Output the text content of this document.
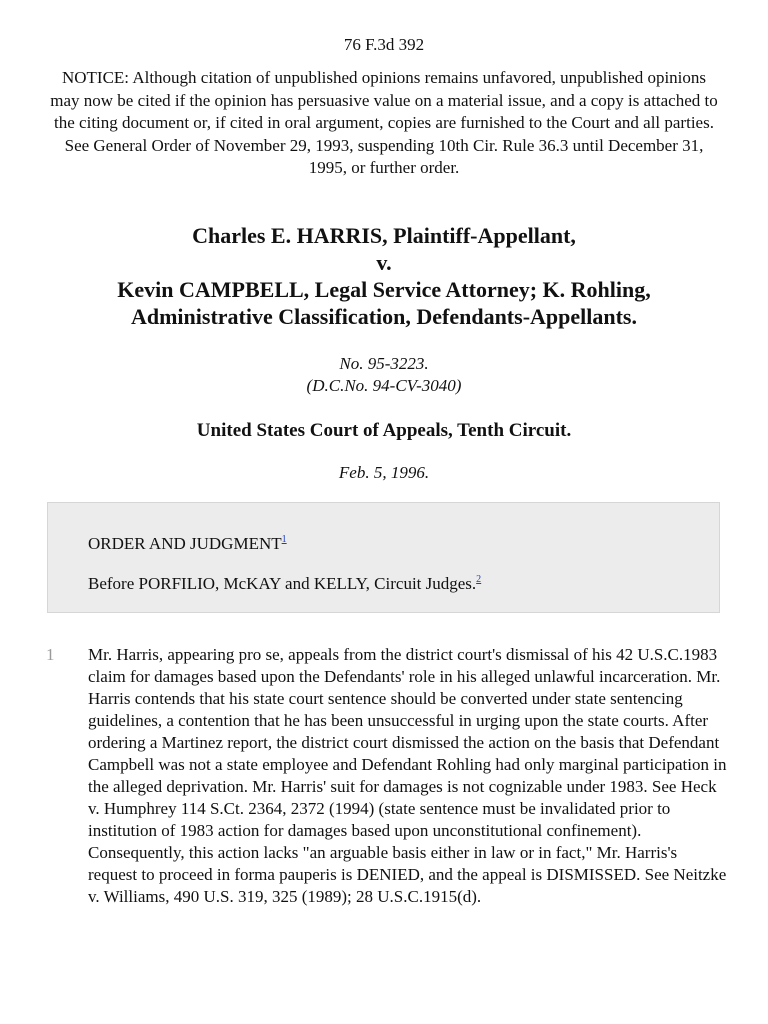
76 F.3d 392
NOTICE: Although citation of unpublished opinions remains unfavored, unpublished opinions may now be cited if the opinion has persuasive value on a material issue, and a copy is attached to the citing document or, if cited in oral argument, copies are furnished to the Court and all parties. See General Order of November 29, 1993, suspending 10th Cir. Rule 36.3 until December 31, 1995, or further order.
Charles E. HARRIS, Plaintiff-Appellant,
v.
Kevin CAMPBELL, Legal Service Attorney; K. Rohling,
Administrative Classification, Defendants-Appellants.
No. 95-3223.
(D.C.No. 94-CV-3040)
United States Court of Appeals, Tenth Circuit.
Feb. 5, 1996.
ORDER AND JUDGMENT$^1$
Before PORFILIO, McKAY and KELLY, Circuit Judges.$^2$
1 Mr. Harris, appearing pro se, appeals from the district court's dismissal of his 42 U.S.C.1983 claim for damages based upon the Defendants' role in his alleged unlawful incarceration. Mr. Harris contends that his state court sentence should be converted under state sentencing guidelines, a contention that he has been unsuccessful in urging upon the state courts. After ordering a Martinez report, the district court dismissed the action on the basis that Defendant Campbell was not a state employee and Defendant Rohling had only marginal participation in the alleged deprivation. Mr. Harris' suit for damages is not cognizable under 1983. See Heck v. Humphrey 114 S.Ct. 2364, 2372 (1994) (state sentence must be invalidated prior to institution of 1983 action for damages based upon unconstitutional confinement). Consequently, this action lacks "an arguable basis either in law or in fact," Mr. Harris's request to proceed in forma pauperis is DENIED, and the appeal is DISMISSED. See Neitzke v. Williams, 490 U.S. 319, 325 (1989); 28 U.S.C.1915(d).
